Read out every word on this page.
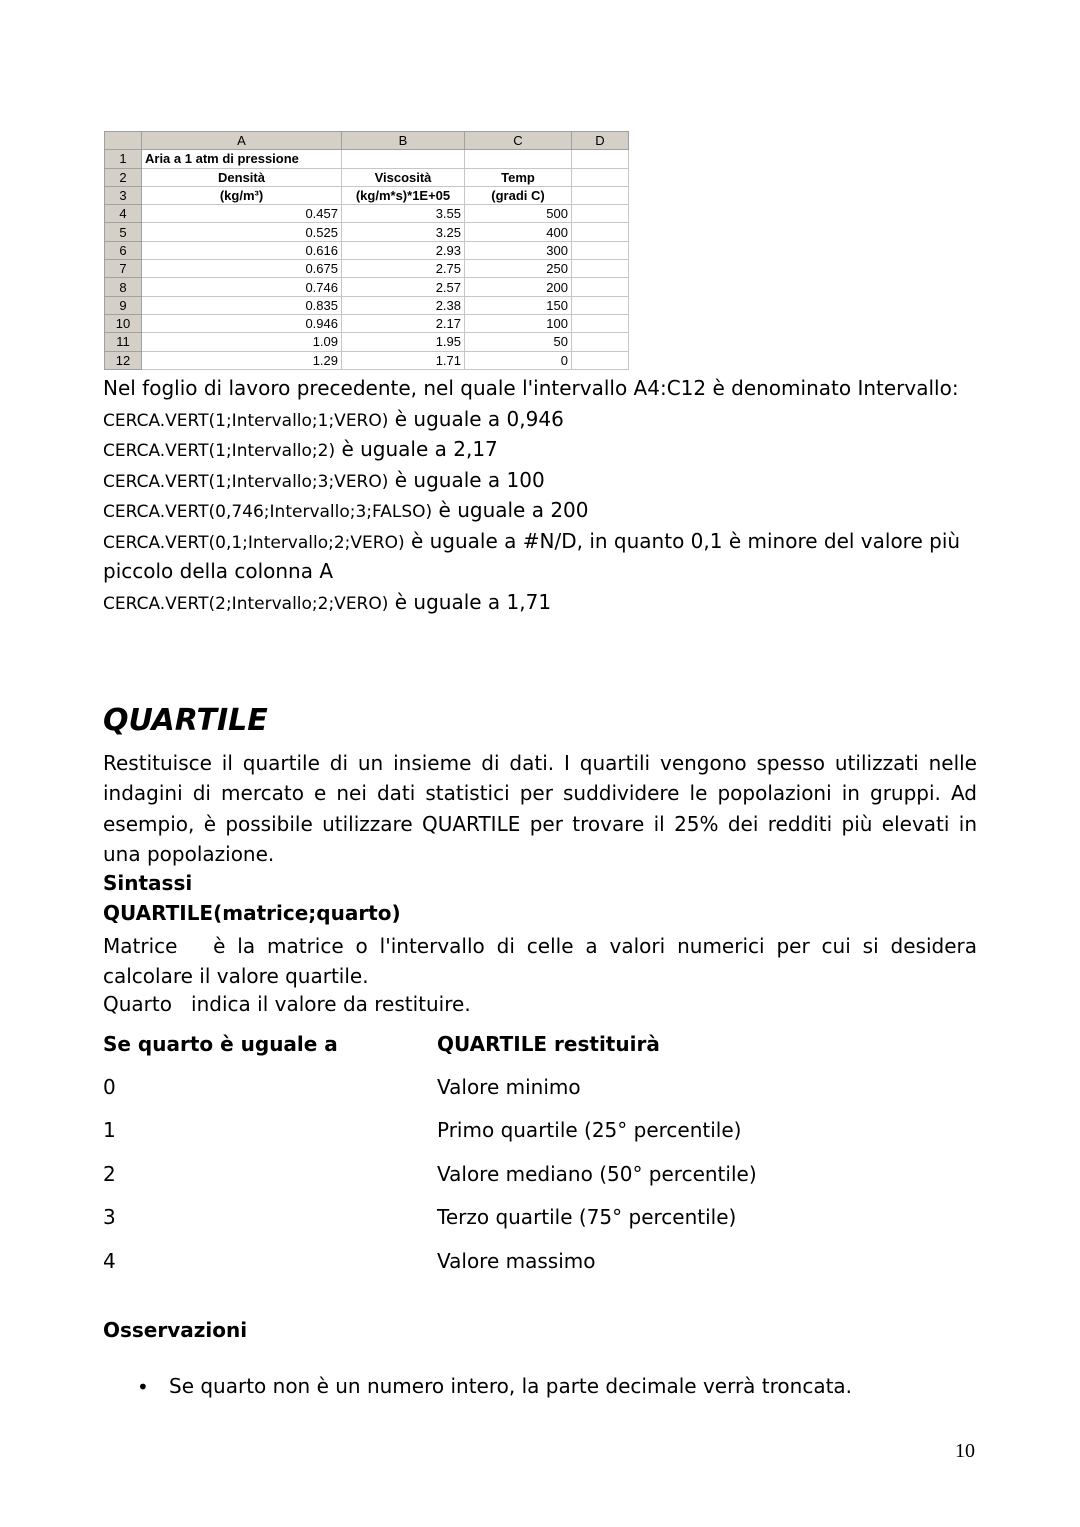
	A	B	C	D
1	Aria a 1 atm di pressione			
2	Densità	Viscosità	Temp	
3	(kg/m³)	(kg/m*s)*1E+05	(gradi C)	
4	0.457	3.55	500	
5	0.525	3.25	400	
6	0.616	2.93	300	
7	0.675	2.75	250	
8	0.746	2.57	200	
9	0.835	2.38	150	
10	0.946	2.17	100	
11	1.09	1.95	50	
12	1.29	1.71	0	
Nel foglio di lavoro precedente, nel quale l'intervallo A4:C12 è denominato Intervallo:
CERCA.VERT(1;Intervallo;1;VERO) è uguale a 0,946
CERCA.VERT(1;Intervallo;2) è uguale a 2,17
CERCA.VERT(1;Intervallo;3;VERO) è uguale a 100
CERCA.VERT(0,746;Intervallo;3;FALSO) è uguale a 200
CERCA.VERT(0,1;Intervallo;2;VERO) è uguale a #N/D, in quanto 0,1 è minore del valore più
piccolo della colonna A
CERCA.VERT(2;Intervallo;2;VERO) è uguale a 1,71
QUARTILE
Restituisce il quartile di un insieme di dati. I quartili vengono spesso utilizzati nelle indagini di mercato e nei dati statistici per suddividere le popolazioni in gruppi. Ad esempio, è possibile utilizzare QUARTILE per trovare il 25% dei redditi più elevati in una popolazione.
Sintassi
QUARTILE(matrice;quarto)
Matrice   è la matrice o l'intervallo di celle a valori numerici per cui si desidera calcolare il valore quartile.
Quarto   indica il valore da restituire.
Se quarto è uguale a	QUARTILE restituirà
0	Valore minimo
1	Primo quartile (25° percentile)
2	Valore mediano (50° percentile)
3	Terzo quartile (75° percentile)
4	Valore massimo
Osservazioni
• Se quarto non è un numero intero, la parte decimale verrà troncata.
10
